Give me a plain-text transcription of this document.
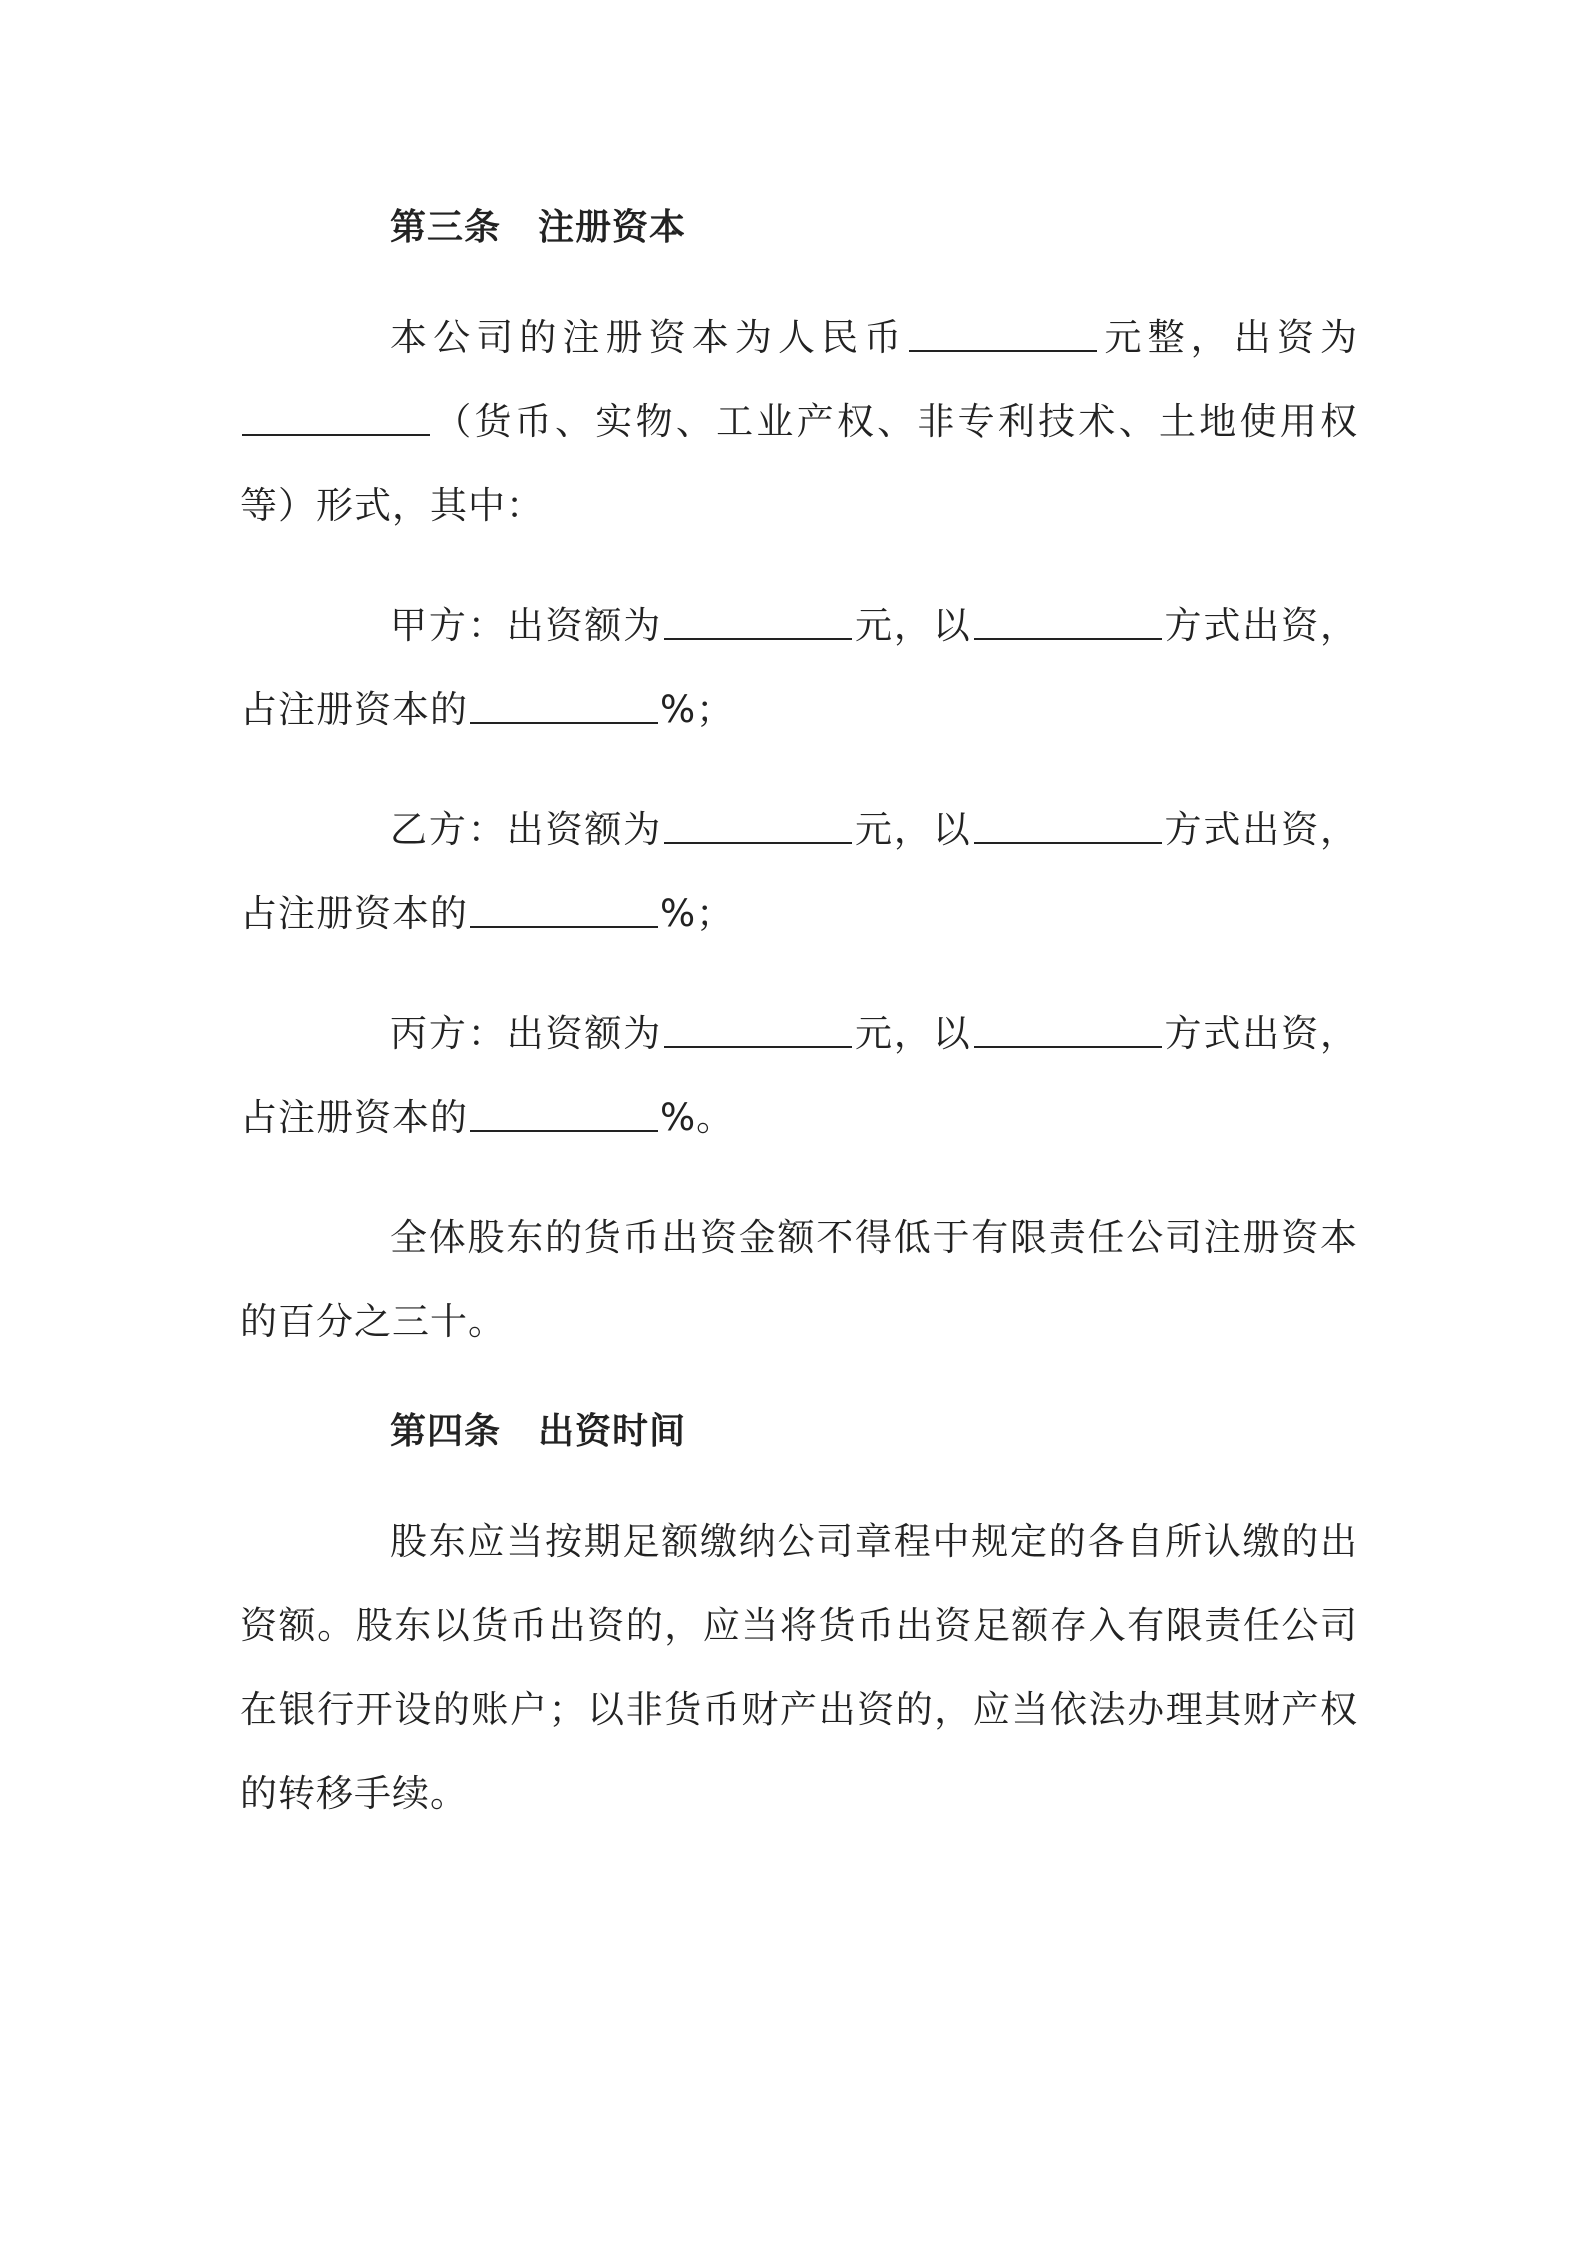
第三条　注册资本
本公司的注册资本为人民币	元整，出资为（货币、实物、工业产权、非专利技术、土地使用权等）形式，其中：
甲方：出资额为	元，以	方式出资，占注册资本的	%；
乙方：出资额为	元，以	方式出资，占注册资本的	%；
丙方：出资额为	元，以	方式出资，占注册资本的	%。
全体股东的货币出资金额不得低于有限责任公司注册资本的百分之三十。
第四条　出资时间
股东应当按期足额缴纳公司章程中规定的各自所认缴的出资额。股东以货币出资的，应当将货币出资足额存入有限责任公司在银行开设的账户；以非货币财产出资的，应当依法办理其财产权的转移手续。
